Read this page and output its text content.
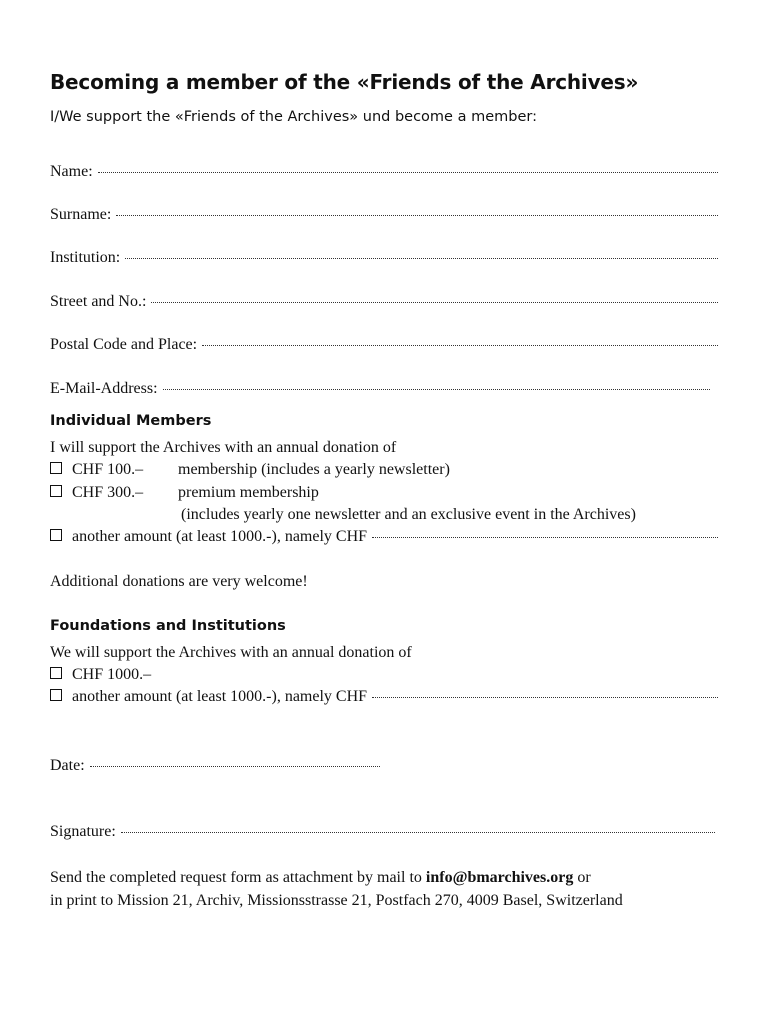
Becoming a member of the «Friends of the Archives»
I/We support the «Friends of the Archives» und become a member:
Name:
Surname:
Institution:
Street and No.:
Postal Code and Place:
E-Mail-Address:
Individual Members
I will support the Archives with an annual donation of
CHF 100.–	membership (includes a yearly newsletter)
CHF 300.–	premium membership
(includes yearly one newsletter and an exclusive event in the Archives)
another amount (at least 1000.-), namely CHF
Additional donations are very welcome!
Foundations and Institutions
We will support the Archives with an annual donation of
CHF 1000.–
another amount (at least 1000.-), namely CHF
Date:
Signature:
Send the completed request form as attachment by mail to info@bmarchives.org or
in print to Mission 21, Archiv, Missionsstrasse 21, Postfach 270, 4009 Basel, Switzerland
